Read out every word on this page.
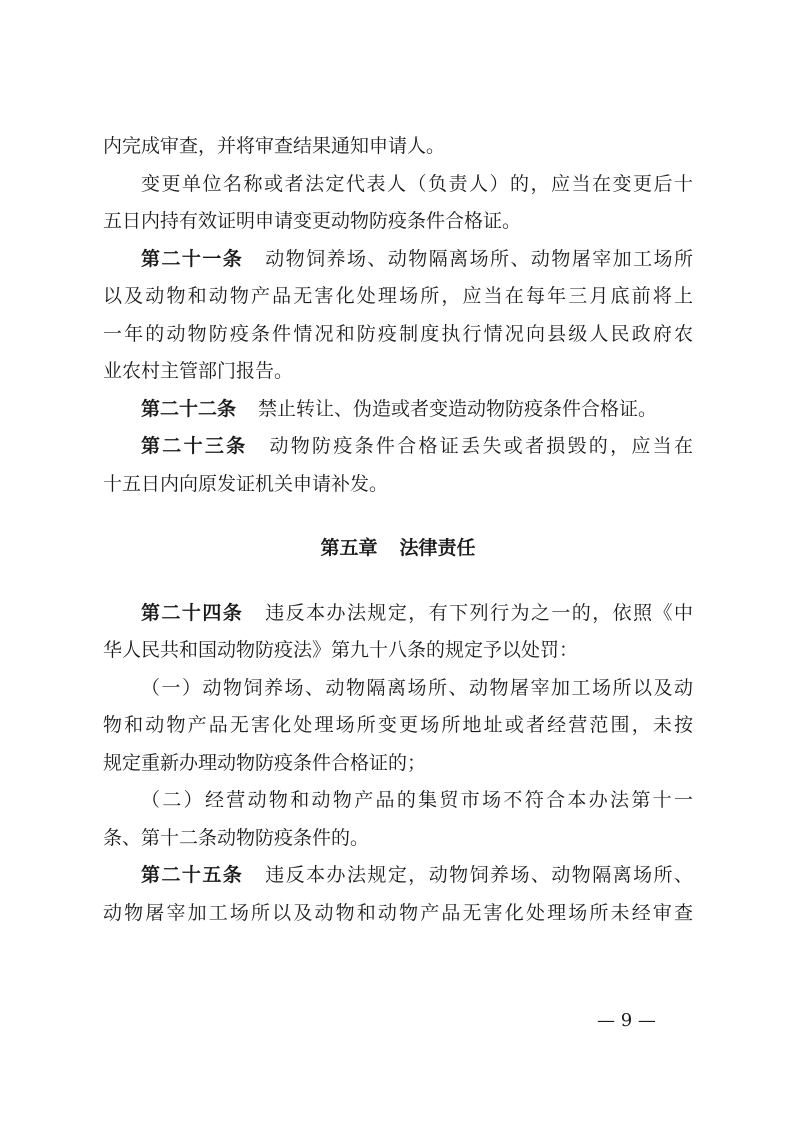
内完成审查，并将审查结果通知申请人。
变更单位名称或者法定代表人（负责人）的，应当在变更后十
五日内持有效证明申请变更动物防疫条件合格证。
第二十一条 动物饲养场、动物隔离场所、动物屠宰加工场所
以及动物和动物产品无害化处理场所，应当在每年三月底前将上
一年的动物防疫条件情况和防疫制度执行情况向县级人民政府农
业农村主管部门报告。
第二十二条 禁止转让、伪造或者变造动物防疫条件合格证。
第二十三条 动物防疫条件合格证丢失或者损毁的，应当在
十五日内向原发证机关申请补发。
第五章 法律责任
第二十四条 违反本办法规定，有下列行为之一的，依照《中
华人民共和国动物防疫法》第九十八条的规定予以处罚：
（一）动物饲养场、动物隔离场所、动物屠宰加工场所以及动
物和动物产品无害化处理场所变更场所地址或者经营范围，未按
规定重新办理动物防疫条件合格证的；
（二）经营动物和动物产品的集贸市场不符合本办法第十一
条、第十二条动物防疫条件的。
第二十五条 违反本办法规定，动物饲养场、动物隔离场所、
动物屠宰加工场所以及动物和动物产品无害化处理场所未经审查
— 9 —
